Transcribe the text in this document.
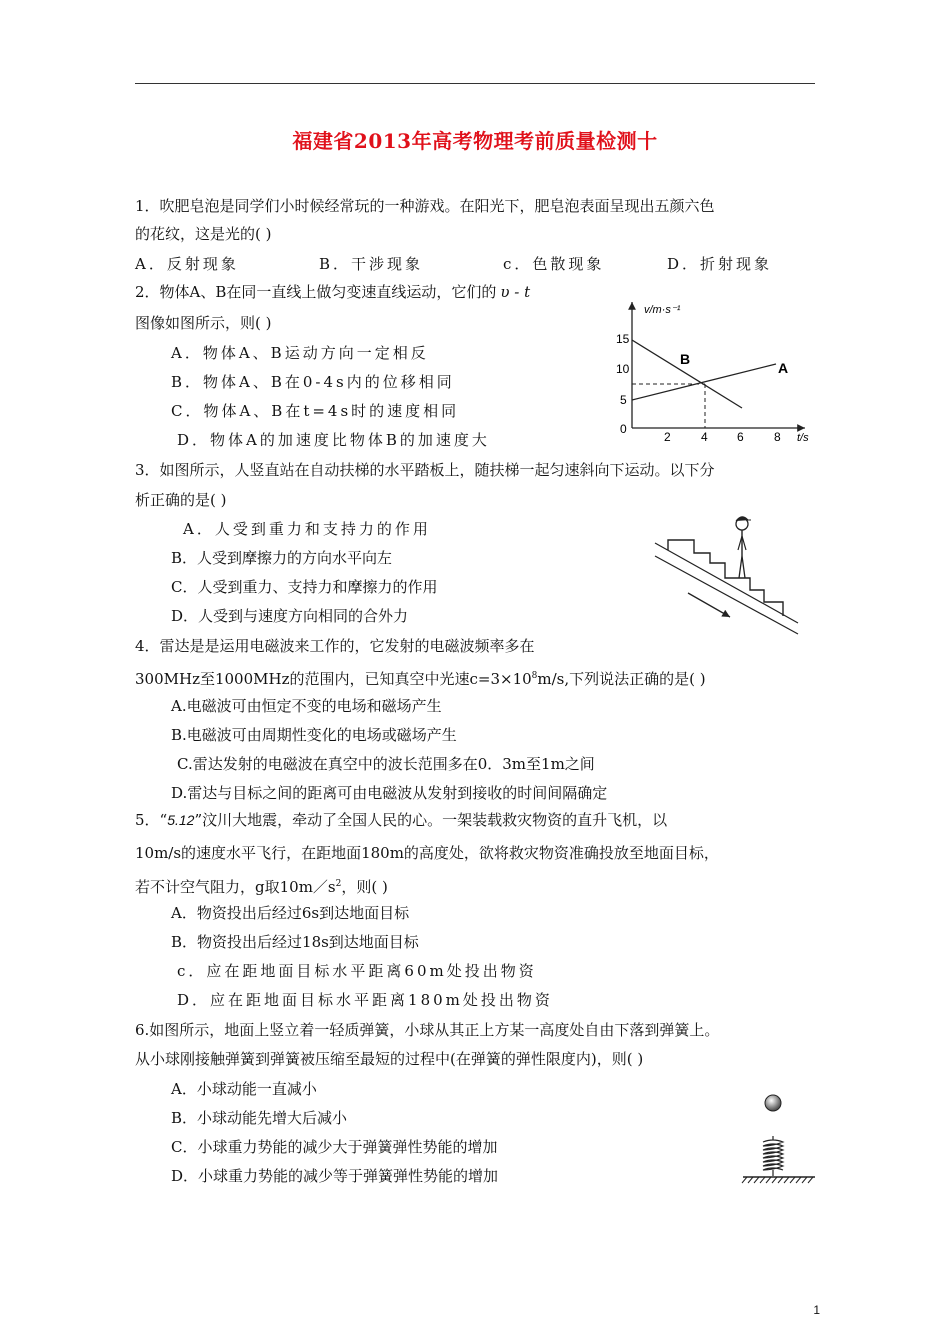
福建省2013年高考物理考前质量检测十
1．吹肥皂泡是同学们小时候经常玩的一种游戏。在阳光下，肥皂泡表面呈现出五颜六色
的花纹，这是光的( )
A．反射现象	B．干涉现象	c．色散现象	D．折射现象
2．物体A、B在同一直线上做匀变速直线运动，它们的 υ - t
图像如图所示，则( )
A．物体A、B运动方向一定相反
B．物体A、B在0-4s内的位移相同
C．物体A、B在t=4s时的速度相同
D．物体A的加速度比物体B的加速度大
v/m·s⁻¹
t/s
15
10
5
0
2	4 6	8
B
A
3．如图所示，人竖直站在自动扶梯的水平踏板上，随扶梯一起匀速斜向下运动。以下分
析正确的是( )
A．人受到重力和支持力的作用
B．人受到摩擦力的方向水平向左
C．人受到重力、支持力和摩擦力的作用
D．人受到与速度方向相同的合外力
4．雷达是是运用电磁波来工作的，它发射的电磁波频率多在
300MHz至1000MHz的范围内，已知真空中光速$c=3\times 10^8m/s$,下列说法正确的是( )
A.电磁波可由恒定不变的电场和磁场产生
B.电磁波可由周期性变化的电场或磁场产生
C.雷达发射的电磁波在真空中的波长范围多在0．3m至1m之间
D.雷达与目标之间的距离可由电磁波从发射到接收的时间间隔确定
5．“5.12”汶川大地震，牵动了全国人民的心。一架装载救灾物资的直升飞机，以
10m/s的速度水平飞行，在距地面180m的高度处，欲将救灾物资准确投放至地面目标，
若不计空气阻力，g取$10m/s^2$，则( )
A．物资投出后经过6s到达地面目标
B．物资投出后经过18s到达地面目标
c．应在距地面目标水平距离60m处投出物资
D．应在距地面目标水平距离180m处投出物资
6.如图所示，地面上竖立着一轻质弹簧，小球从其正上方某一高度处自由下落到弹簧上。
从小球刚接触弹簧到弹簧被压缩至最短的过程中(在弹簧的弹性限度内)，则( )
A．小球动能一直减小
B．小球动能先增大后减小
C．小球重力势能的减少大于弹簧弹性势能的增加
D．小球重力势能的减少等于弹簧弹性势能的增加
1
